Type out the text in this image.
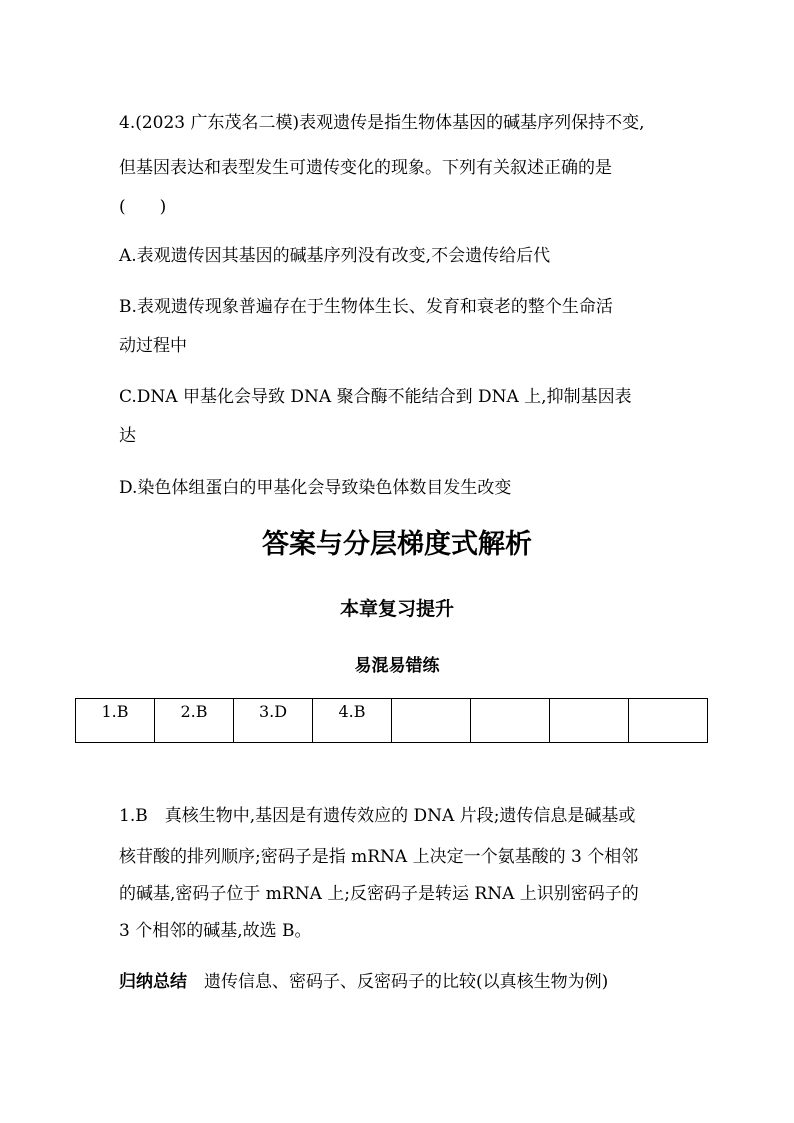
4.(2023 广东茂名二模)表观遗传是指生物体基因的碱基序列保持不变,

但基因表达和表型发生可遗传变化的现象。下列有关叙述正确的是

(　　)

A.表观遗传因其基因的碱基序列没有改变,不会遗传给后代

B.表观遗传现象普遍存在于生物体生长、发育和衰老的整个生命活

动过程中

C.DNA 甲基化会导致 DNA 聚合酶不能结合到 DNA 上,抑制基因表

达

D.染色体组蛋白的甲基化会导致染色体数目发生改变

答案与分层梯度式解析

本章复习提升

易混易错练

1.B	2.B	3.D	4.B				

1.B　真核生物中,基因是有遗传效应的 DNA 片段;遗传信息是碱基或

核苷酸的排列顺序;密码子是指 mRNA 上决定一个氨基酸的 3 个相邻

的碱基,密码子位于 mRNA 上;反密码子是转运 RNA 上识别密码子的

3 个相邻的碱基,故选 B。

归纳总结　遗传信息、密码子、反密码子的比较(以真核生物为例)
